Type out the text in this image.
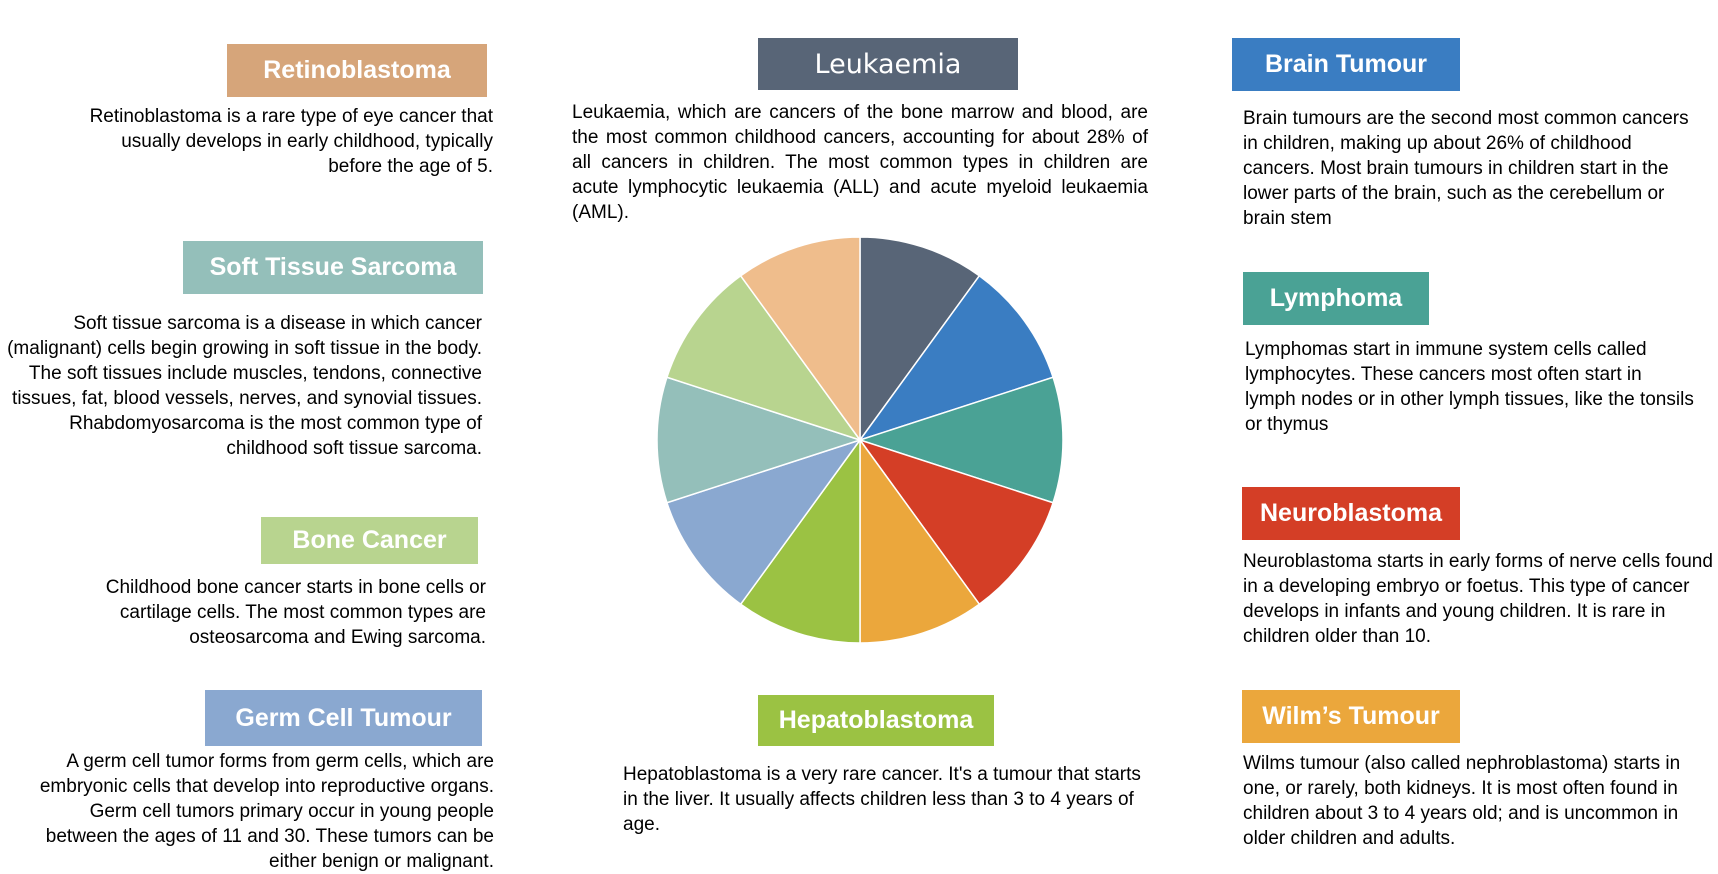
Retinoblastoma
Retinoblastoma is a rare type of eye cancer that usually develops in early childhood, typically before the age of 5.
Soft Tissue Sarcoma
Soft tissue sarcoma is a disease in which cancer (malignant) cells begin growing in soft tissue in the body. The soft tissues include muscles, tendons, connective tissues, fat, blood vessels, nerves, and synovial tissues. Rhabdomyosarcoma is the most common type of childhood soft tissue sarcoma.
Bone Cancer
Childhood bone cancer starts in bone cells or cartilage cells. The most common types are osteosarcoma and Ewing sarcoma.
Germ Cell Tumour
A germ cell tumor forms from germ cells, which are embryonic cells that develop into reproductive organs. Germ cell tumors primary occur in young people between the ages of 11 and 30. These tumors can be either benign or malignant.
Leukaemia
Leukaemia, which are cancers of the bone marrow and blood, are the most common childhood cancers, accounting for about 28% of all cancers in children. The most common types in children are acute lymphocytic leukaemia (ALL) and acute myeloid leukaemia (AML).
Hepatoblastoma
Hepatoblastoma is a very rare cancer. It's a tumour that starts in the liver. It usually affects children less than 3 to 4 years of age.
Brain Tumour
Brain tumours are the second most common cancers in children, making up about 26% of childhood cancers. Most brain tumours in children start in the lower parts of the brain, such as the cerebellum or brain stem
Lymphoma
Lymphomas start in immune system cells called lymphocytes. These cancers most often start in lymph nodes or in other lymph tissues, like the tonsils or thymus
Neuroblastoma
Neuroblastoma starts in early forms of nerve cells found in a developing embryo or foetus. This type of cancer develops in infants and young children. It is rare in children older than 10.
Wilm’s Tumour
Wilms tumour (also called nephroblastoma) starts in one, or rarely, both kidneys. It is most often found in children about 3 to 4 years old; and is uncommon in older children and adults.
